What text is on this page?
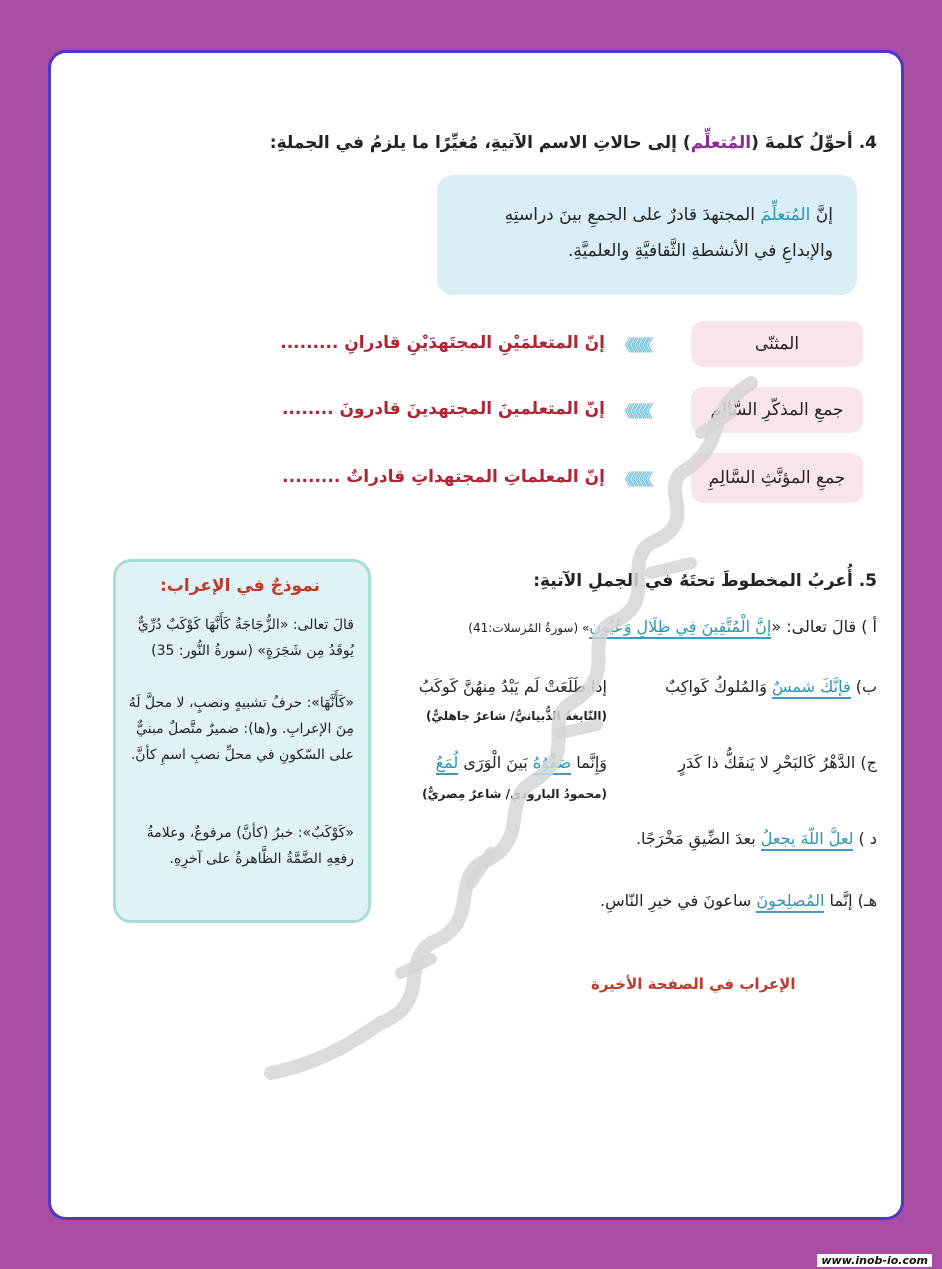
4. أحوِّلُ كلمةَ (المُتعلِّم) إلى حالاتِ الاسم الآتيةِ، مُغيِّرًا ما يلزمُ في الجملةِ:
إنَّ المُتعلِّمَ المجتهدَ قادرٌ على الجمعِ بينَ دراستِهِ والإبداعِ في الأنشطةِ الثَّقافيَّةِ والعلميَّةِ.
المثنّى
《《《《《《
إنّ المتعلمَيْنِ المجتَهدَيْنِ قادرانِ .........
جمعِ المذكّرِ السَّالِمِ
《《《《《《
إنّ المتعلمينَ المجتهدينَ قادرونَ ........
جمعِ المؤنَّثِ السَّالِمِ
《《《《《《
إنّ المعلماتِ المجتهداتِ قادراتٌ .........
نموذجٌ في الإعراب:
قالَ تعالى: «الزُّجَاجَةُ كَأَنَّهَا كَوْكَبٌ دُرِّيٌّ يُوقَدُ مِن شَجَرَةٍ» (سورةُ النُّور: 35)
«كَأَنَّهَا»: حرفُ تشبيهٍ ونصبٍ، لا محلَّ لَهُ مِنَ الإعرابِ. و(ها): ضميرٌ متَّصلٌ مبنيٌّ على السّكونِ في محلِّ نصبِ اسمِ كأنَّ.
«كَوْكَبٌ»: خبرُ (كأنَّ) مرفوعٌ، وعلامةُ رفعِهِ الضَّمَّةُ الظَّاهرةُ على آخرِهِ.
5. أُعربُ المخطوطَ تحتَهُ في الجملِ الآتيةِ:
أ ) قالَ تعالى: «إِنَّ الْمُتَّقِينَ فِي ظِلَالٍ وَعُيُونٍ» (سورةُ المُرسلات:41)
ب) فإنَّكَ شمسٌ وَالمُلوكُ كَواكِبٌ
إذا طَلَعَتْ لَم يَبْدُ مِنهُنَّ كَوكَبُ
(النّابغةُ الذُّبيانيُّ/ شاعرٌ جاهليٌّ)
ج) الدَّهْرُ كَالبَحْرِ لا يَنفَكُّ ذا كَدَرٍ
وَإِنَّما صَفْوُهُ بَينَ الْوَرَى لُمَعُ
(محمودُ البارودي/ شاعرٌ مِصريٌّ)
د ) لعلَّ اللّهَ يجعلُ بعدَ الضِّيقِ مَخْرَجًا.
هـ) إنَّما المُصلِحونَ ساعونَ في خيرِ النّاسِ.
الإعراب في الصفحة الأخيرة
www.inob-io.com
